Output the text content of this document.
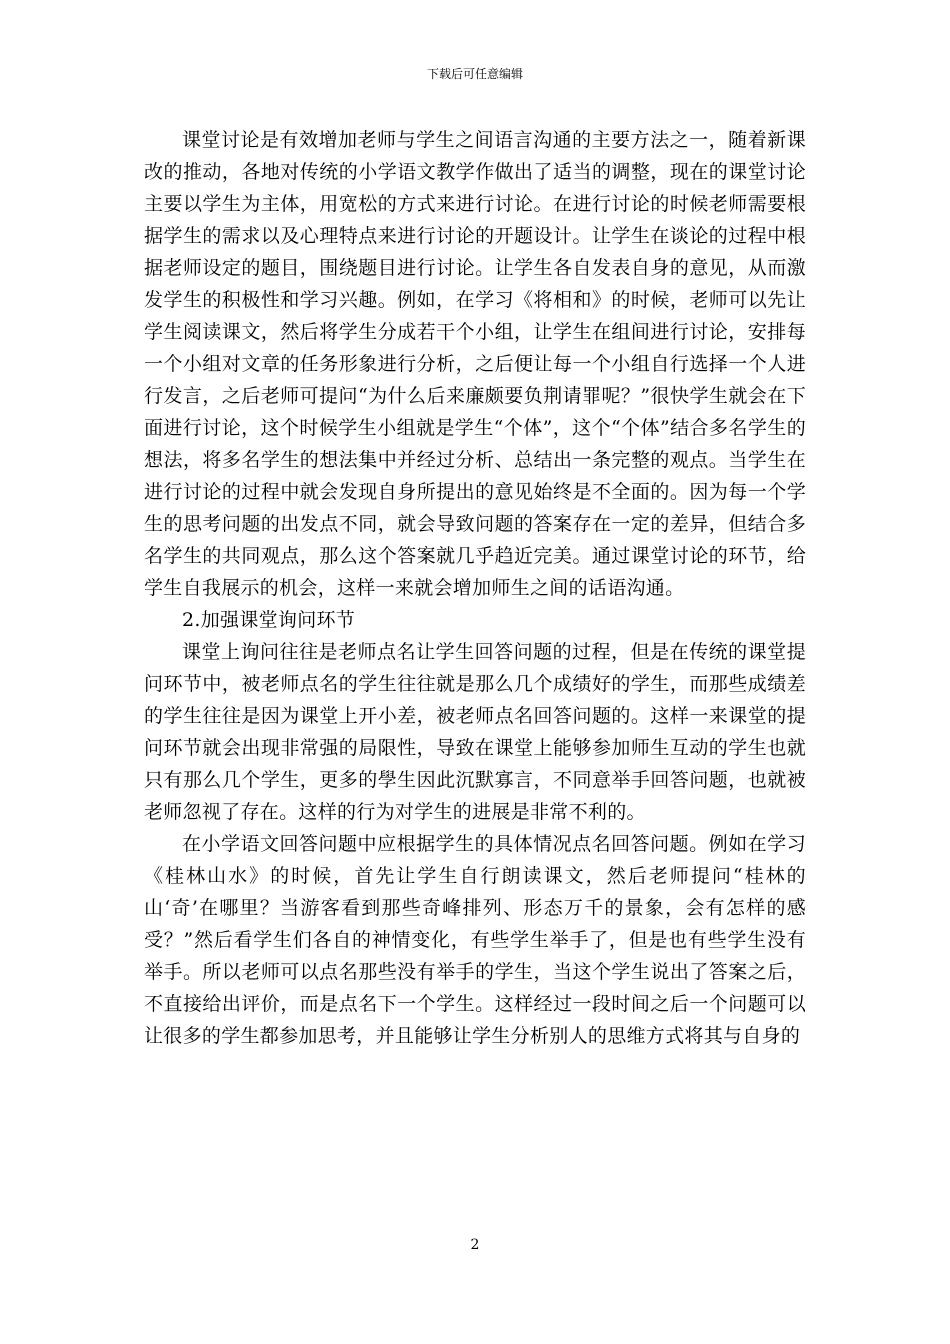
下载后可任意编辑

课堂讨论是有效增加老师与学生之间语言沟通的主要方法之一，随着新课改的推动，各地对传统的小学语文教学作做出了适当的调整，现在的课堂讨论主要以学生为主体，用宽松的方式来进行讨论。在进行讨论的时候老师需要根据学生的需求以及心理特点来进行讨论的开题设计。让学生在谈论的过程中根据老师设定的题目，围绕题目进行讨论。让学生各自发表自身的意见，从而激发学生的积极性和学习兴趣。例如，在学习《将相和》的时候，老师可以先让学生阅读课文，然后将学生分成若干个小组，让学生在组间进行讨论，安排每一个小组对文章的任务形象进行分析，之后便让每一个小组自行选择一个人进行发言，之后老师可提问“为什么后来廉颇要负荆请罪呢？”很快学生就会在下面进行讨论，这个时候学生小组就是学生“个体”，这个“个体”结合多名学生的想法，将多名学生的想法集中并经过分析、总结出一条完整的观点。当学生在进行讨论的过程中就会发现自身所提出的意见始终是不全面的。因为每一个学生的思考问题的出发点不同，就会导致问题的答案存在一定的差异，但结合多名学生的共同观点，那么这个答案就几乎趋近完美。通过课堂讨论的环节，给学生自我展示的机会，这样一来就会增加师生之间的话语沟通。

2.加强课堂询问环节

课堂上询问往往是老师点名让学生回答问题的过程，但是在传统的课堂提问环节中，被老师点名的学生往往就是那么几个成绩好的学生，而那些成绩差的学生往往是因为课堂上开小差，被老师点名回答问题的。这样一来课堂的提问环节就会出现非常强的局限性，导致在课堂上能够参加师生互动的学生也就只有那么几个学生，更多的學生因此沉默寡言，不同意举手回答问题，也就被老师忽视了存在。这样的行为对学生的进展是非常不利的。

在小学语文回答问题中应根据学生的具体情况点名回答问题。例如在学习《桂林山水》的时候，首先让学生自行朗读课文，然后老师提问“桂林的山‘奇’在哪里？当游客看到那些奇峰排列、形态万千的景象，会有怎样的感受？”然后看学生们各自的神情变化，有些学生举手了，但是也有些学生没有举手。所以老师可以点名那些没有举手的学生，当这个学生说出了答案之后，不直接给出评价，而是点名下一个学生。这样经过一段时间之后一个问题可以让很多的学生都参加思考，并且能够让学生分析别人的思维方式将其与自身的

2
